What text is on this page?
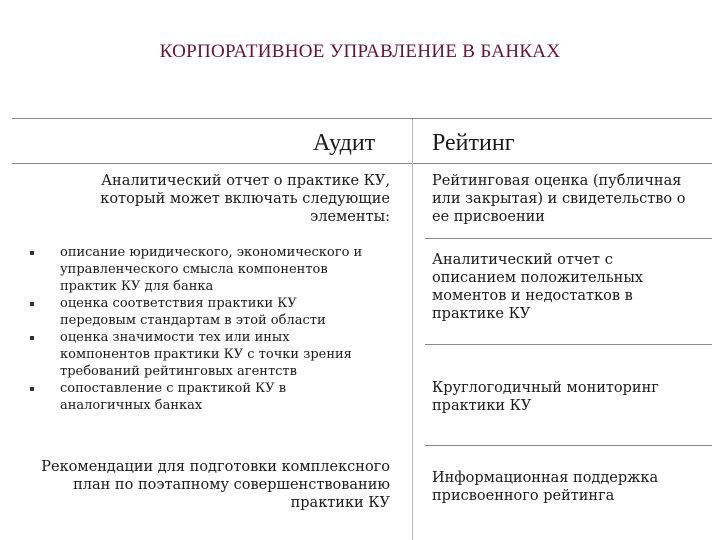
КОРПОРАТИВНОЕ УПРАВЛЕНИЕ В БАНКАХ
Аудит Рейтинг
Аналитический отчет о практике КУ,
который может включать следующие
элементы:
описание юридического, экономического и
управленческого смысла компонентов
практик КУ для банка
оценка соответствия практики КУ
передовым стандартам в этой области
оценка значимости тех или иных
компонентов практики КУ с точки зрения
требований рейтинговых агентств
сопоставление с практикой КУ в
аналогичных банках
Рекомендации для подготовки комплексного
план по поэтапному совершенствованию
практики КУ
Рейтинговая оценка (публичная
или закрытая) и свидетельство о
ее присвоении
Аналитический отчет с
описанием положительных
моментов и недостатков в
практике КУ
Круглогодичный мониторинг
практики КУ
Информационная поддержка
присвоенного рейтинга
